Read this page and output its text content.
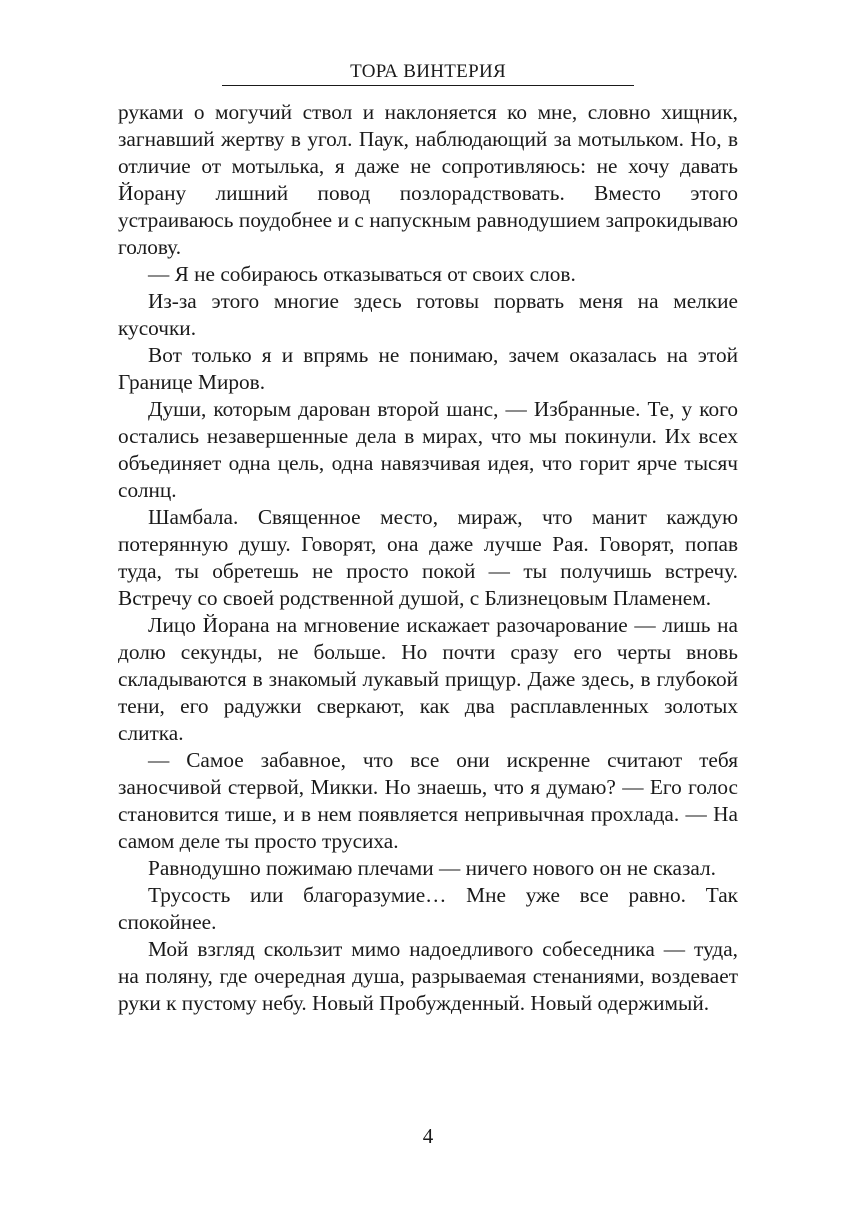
ТОРА ВИНТЕРИЯ

руками о могучий ствол и наклоняется ко мне, словно хищник, загнавший жертву в угол. Паук, наблюдающий за мотыльком. Но, в отличие от мотылька, я даже не сопротивляюсь: не хочу давать Йорану лишний повод позлорадствовать. Вместо этого устраиваюсь поудобнее и с напускным равнодушием запрокидываю голову.

— Я не собираюсь отказываться от своих слов.

Из-за этого многие здесь готовы порвать меня на мелкие кусочки.

Вот только я и впрямь не понимаю, зачем оказалась на этой Границе Миров.

Души, которым дарован второй шанс, — Избранные. Те, у кого остались незавершенные дела в мирах, что мы покинули. Их всех объединяет одна цель, одна навязчивая идея, что горит ярче тысяч солнц.

Шамбала. Священное место, мираж, что манит каждую потерянную душу. Говорят, она даже лучше Рая. Говорят, попав туда, ты обретешь не просто покой — ты получишь встречу. Встречу со своей родственной душой, с Близнецовым Пламенем.

Лицо Йорана на мгновение искажает разочарование — лишь на долю секунды, не больше. Но почти сразу его черты вновь складываются в знакомый лукавый прищур. Даже здесь, в глубокой тени, его радужки сверкают, как два расплавленных золотых слитка.

— Самое забавное, что все они искренне считают тебя заносчивой стервой, Микки. Но знаешь, что я думаю? — Его голос становится тише, и в нем появляется непривычная прохлада. — На самом деле ты просто трусиха.

Равнодушно пожимаю плечами — ничего нового он не сказал.

Трусость или благоразумие… Мне уже все равно. Так спокойнее.

Мой взгляд скользит мимо надоедливого собеседника — туда, на поляну, где очередная душа, разрываемая стенаниями, воздевает руки к пустому небу. Новый Пробужденный. Новый одержимый.

4
